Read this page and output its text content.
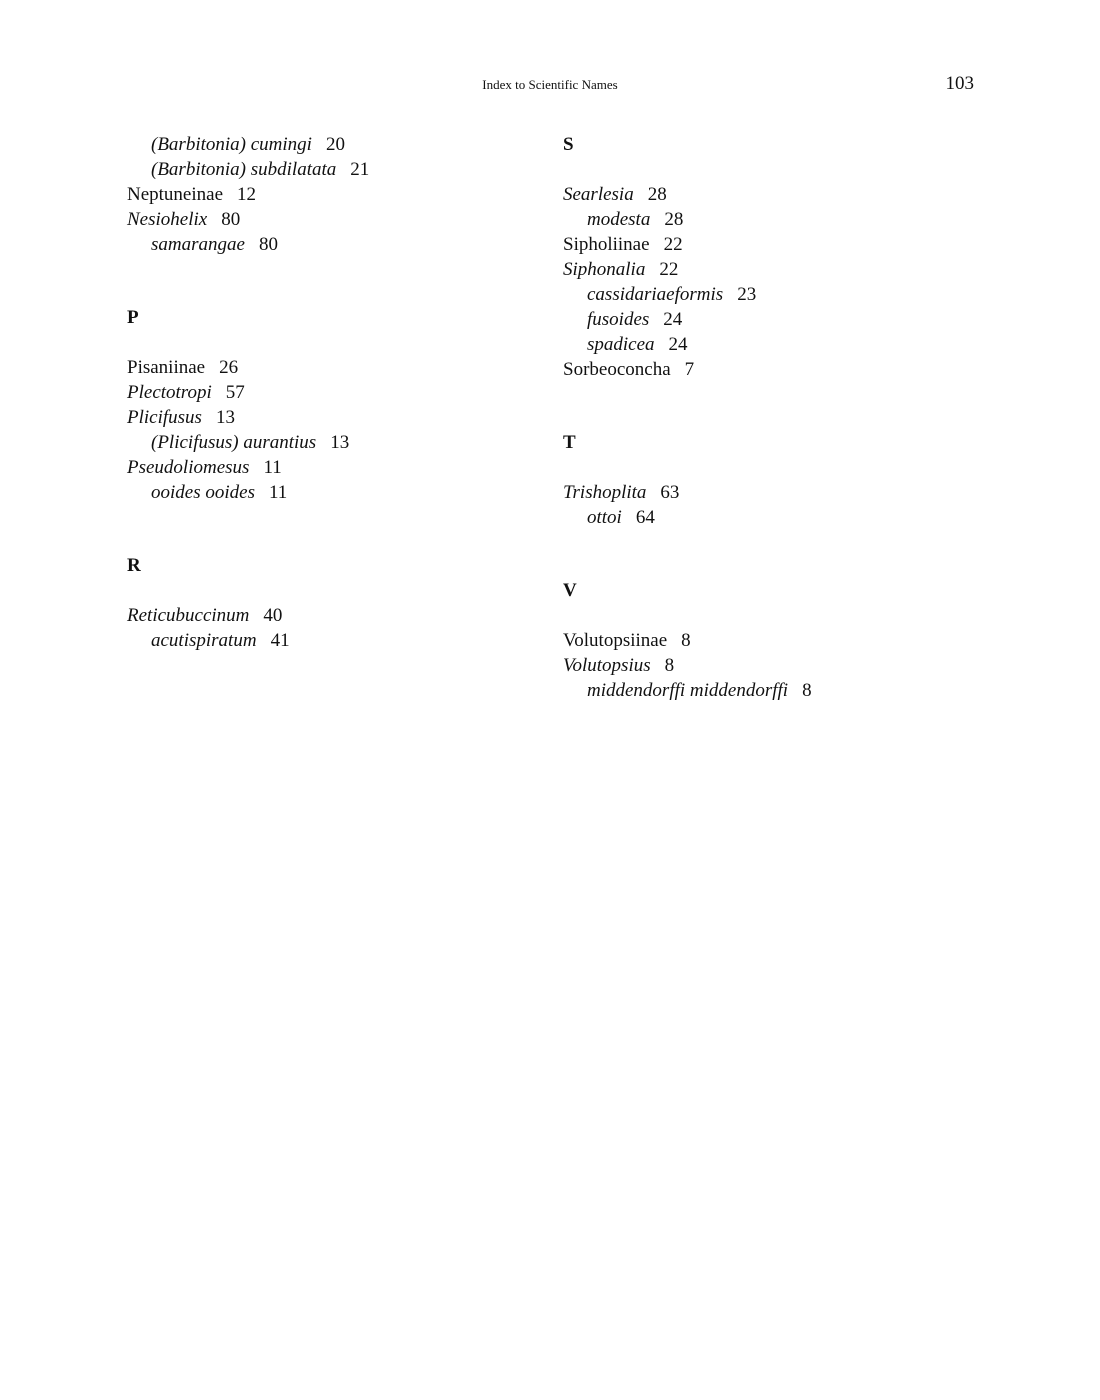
Index to Scientific Names	103
(Barbitonia) cumingi 20
(Barbitonia) subdilatata 21
Neptuneinae 12
Nesiohelix 80
samarangae 80
P
Pisaniinae 26
Plectotropi 57
Plicifusus 13
(Plicifusus) aurantius 13
Pseudoliomesus 11
ooides ooides 11
R
Reticubuccinum 40
acutispiratum 41
S
Searlesia 28
modesta 28
Sipholiinae 22
Siphonalia 22
cassidariaeformis 23
fusoides 24
spadicea 24
Sorbeoconcha 7
T
Trishoplita 63
ottoi 64
V
Volutopsiinae 8
Volutopsius 8
middendorffi middendorffi 8
